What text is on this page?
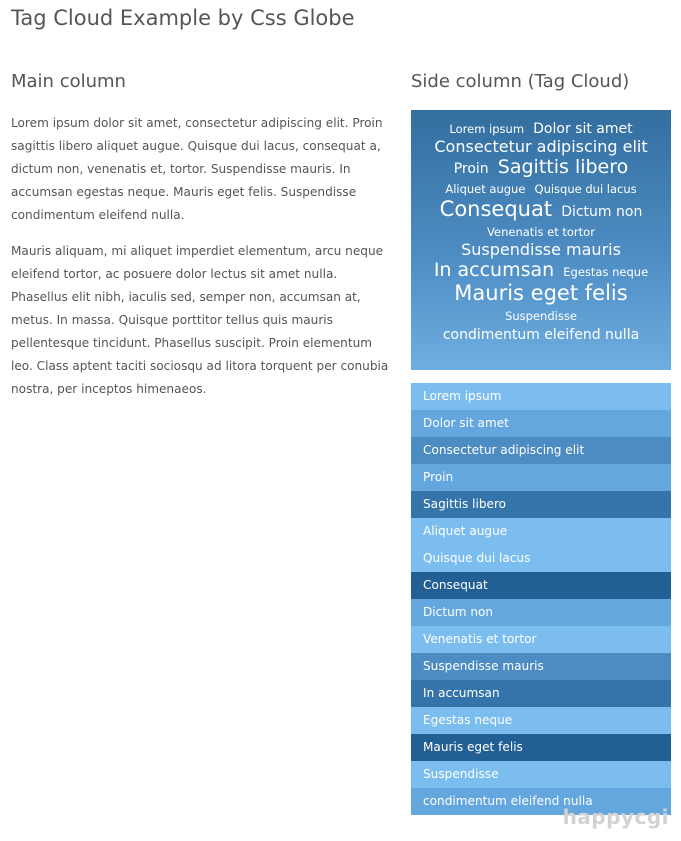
Tag Cloud Example by Css Globe
Main column

Lorem ipsum dolor sit amet, consectetur adipiscing elit. Proin sagittis libero aliquet augue. Quisque dui lacus, consequat a, dictum non, venenatis et, tortor. Suspendisse mauris. In accumsan egestas neque. Mauris eget felis. Suspendisse condimentum eleifend nulla.

Mauris aliquam, mi aliquet imperdiet elementum, arcu neque eleifend tortor, ac posuere dolor lectus sit amet nulla. Phasellus elit nibh, iaculis sed, semper non, accumsan at, metus. In massa. Quisque porttitor tellus quis mauris pellentesque tincidunt. Phasellus suscipit. Proin elementum leo. Class aptent taciti sociosqu ad litora torquent per conubia nostra, per inceptos himenaeos.

Side column (Tag Cloud)
Lorem ipsum Dolor sit amet Consectetur adipiscing elit Proin Sagittis libero Aliquet augue Quisque dui lacus Consequat Dictum non Venenatis et tortor Suspendisse mauris In accumsan Egestas neque Mauris eget felis Suspendisse condimentum eleifend nulla
Lorem ipsum
Dolor sit amet
Consectetur adipiscing elit
Proin
Sagittis libero
Aliquet augue
Quisque dui lacus
Consequat
Dictum non
Venenatis et tortor
Suspendisse mauris
In accumsan
Egestas neque
Mauris eget felis
Suspendisse
condimentum eleifend nulla
happycgi
